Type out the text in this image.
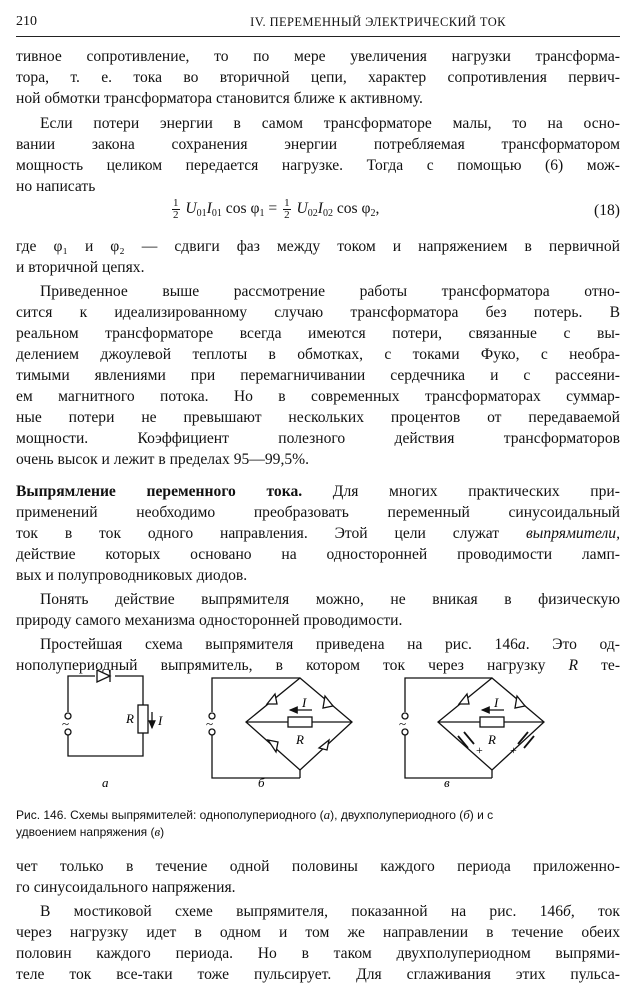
210	IV. ПЕРЕМЕННЫЙ ЭЛЕКТРИЧЕСКИЙ ТОК
тивное сопротивление, то по мере увеличения нагрузки трансформа-
тора, т. е. тока во вторичной цепи, характер сопротивления первич-
ной обмотки трансформатора становится ближе к активному.
Если потери энергии в самом трансформаторе малы, то на осно-
вании закона сохранения энергии потребляемая трансформатором
мощность целиком передается нагрузке. Тогда с помощью (6) мож-
но написать
$\frac{1}{2} U_{01}I_{01}$ $\cos \varphi_1 = \frac{1}{2} U_{02}I_{02}$ $\cos \varphi_2$,	(18)
где φ₁ и φ₂ — сдвиги фаз между током и напряжением в первичной
и вторичной цепях.
Приведенное выше рассмотрение работы трансформатора отно-
сится к идеализированному случаю трансформатора без потерь. В
реальном трансформаторе всегда имеются потери, связанные с вы-
делением джоулевой теплоты в обмотках, с токами Фуко, с необра-
тимыми явлениями при перемагничивании сердечника и с рассеяни-
ем магнитного потока. Но в современных трансформаторах суммар-
ные потери не превышают нескольких процентов от передаваемой
мощности. Коэффициент полезного действия трансформаторов
очень высок и лежит в пределах 95—99,5%.
Выпрямление переменного тока. Для многих практических при-
применений необходимо преобразовать переменный синусоидальный
ток в ток одного направления. Этой цели служат выпрямители,
действие которых основано на односторонней проводимости ламп-
вых и полупроводниковых диодов.
Понять действие выпрямителя можно, не вникая в физическую
природу самого механизма односторонней проводимости.
Простейшая схема выпрямителя приведена на рис. 146а. Это од-
нополупериодный выпрямитель, в котором ток через нагрузку R те-
~	R I
а
~
I
R
б
~
I
R
+ +
в
Рис. 146. Схемы выпрямителей: однополупериодного (а), двухполупериодного (б) и с
удвоением напряжения (в)
чет только в течение одной половины каждого периода приложенно-
го синусоидального напряжения.
В мостиковой схеме выпрямителя, показанной на рис. 146б, ток
через нагрузку идет в одном и том же направлении в течение обеих
половин каждого периода. Но в таком двухполупериодном выпрями-
теле ток все-таки тоже пульсирует. Для сглаживания этих пульса-
